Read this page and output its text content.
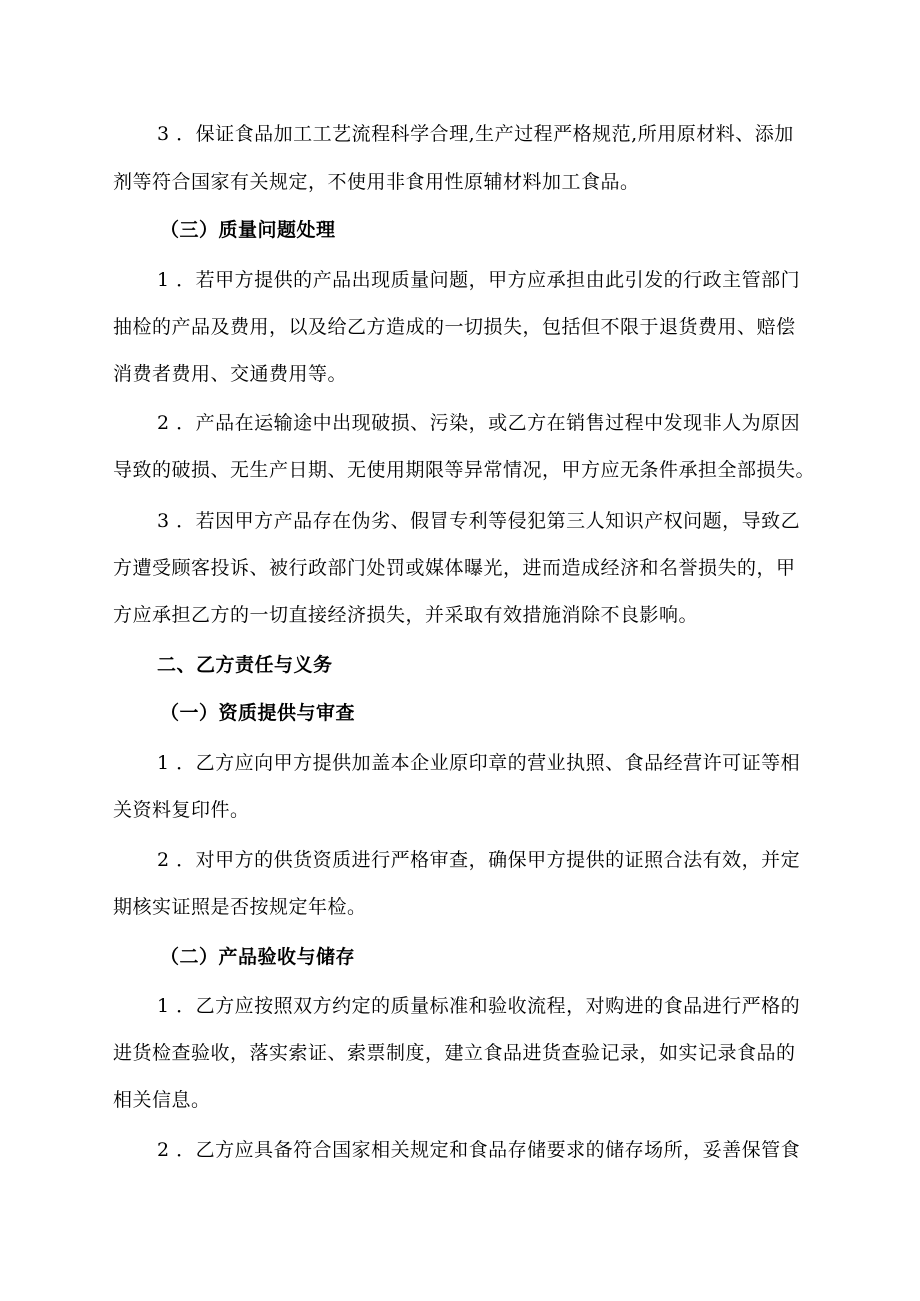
3 ．保证食品加工工艺流程科学合理,生产过程严格规范,所用原材料、添加
剂等符合国家有关规定，不使用非食用性原辅材料加工食品。
（三）质量问题处理
1 ．若甲方提供的产品出现质量问题，甲方应承担由此引发的行政主管部门
抽检的产品及费用，以及给乙方造成的一切损失，包括但不限于退货费用、赔偿
消费者费用、交通费用等。
2 ．产品在运输途中出现破损、污染，或乙方在销售过程中发现非人为原因
导致的破损、无生产日期、无使用期限等异常情况，甲方应无条件承担全部损失。
3 ．若因甲方产品存在伪劣、假冒专利等侵犯第三人知识产权问题，导致乙
方遭受顾客投诉、被行政部门处罚或媒体曝光，进而造成经济和名誉损失的，甲
方应承担乙方的一切直接经济损失，并采取有效措施消除不良影响。
二、乙方责任与义务
（一）资质提供与审查
1 ．乙方应向甲方提供加盖本企业原印章的营业执照、食品经营许可证等相
关资料复印件。
2 ．对甲方的供货资质进行严格审查，确保甲方提供的证照合法有效，并定
期核实证照是否按规定年检。
（二）产品验收与储存
1 ．乙方应按照双方约定的质量标准和验收流程，对购进的食品进行严格的
进货检查验收，落实索证、索票制度，建立食品进货查验记录，如实记录食品的
相关信息。
2 ．乙方应具备符合国家相关规定和食品存储要求的储存场所，妥善保管食
